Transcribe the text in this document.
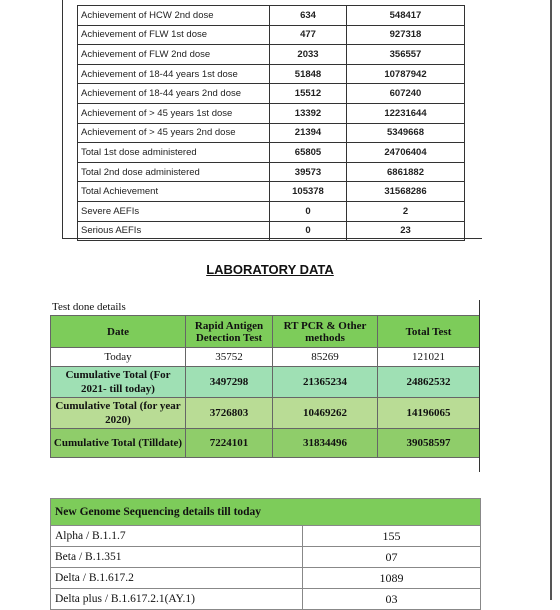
Achievement of HCW 2nd dose	634	548417
Achievement of FLW 1st dose	477	927318
Achievement of FLW 2nd dose	2033	356557
Achievement of 18-44 years 1st dose	51848	10787942
Achievement of 18-44 years 2nd dose	15512	607240
Achievement of > 45 years 1st dose	13392	12231644
Achievement of > 45 years 2nd dose	21394	5349668
Total 1st dose administered	65805	24706404
Total 2nd dose administered	39573	6861882
Total Achievement	105378	31568286
Severe AEFIs	0	2
Serious AEFIs	0	23
LABORATORY DATA
Test done details
Date	Rapid Antigen Detection Test	RT PCR & Other methods	Total Test
Today	35752	85269	121021
Cumulative Total (For 2021- till today)	3497298	21365234	24862532
Cumulative Total (for year 2020)	3726803	10469262	14196065
Cumulative Total (Tilldate)	7224101	31834496	39058597
New Genome Sequencing details till today	
Alpha / B.1.1.7	155
Beta / B.1.351	07
Delta / B.1.617.2	1089
Delta plus / B.1.617.2.1(AY.1)	03
